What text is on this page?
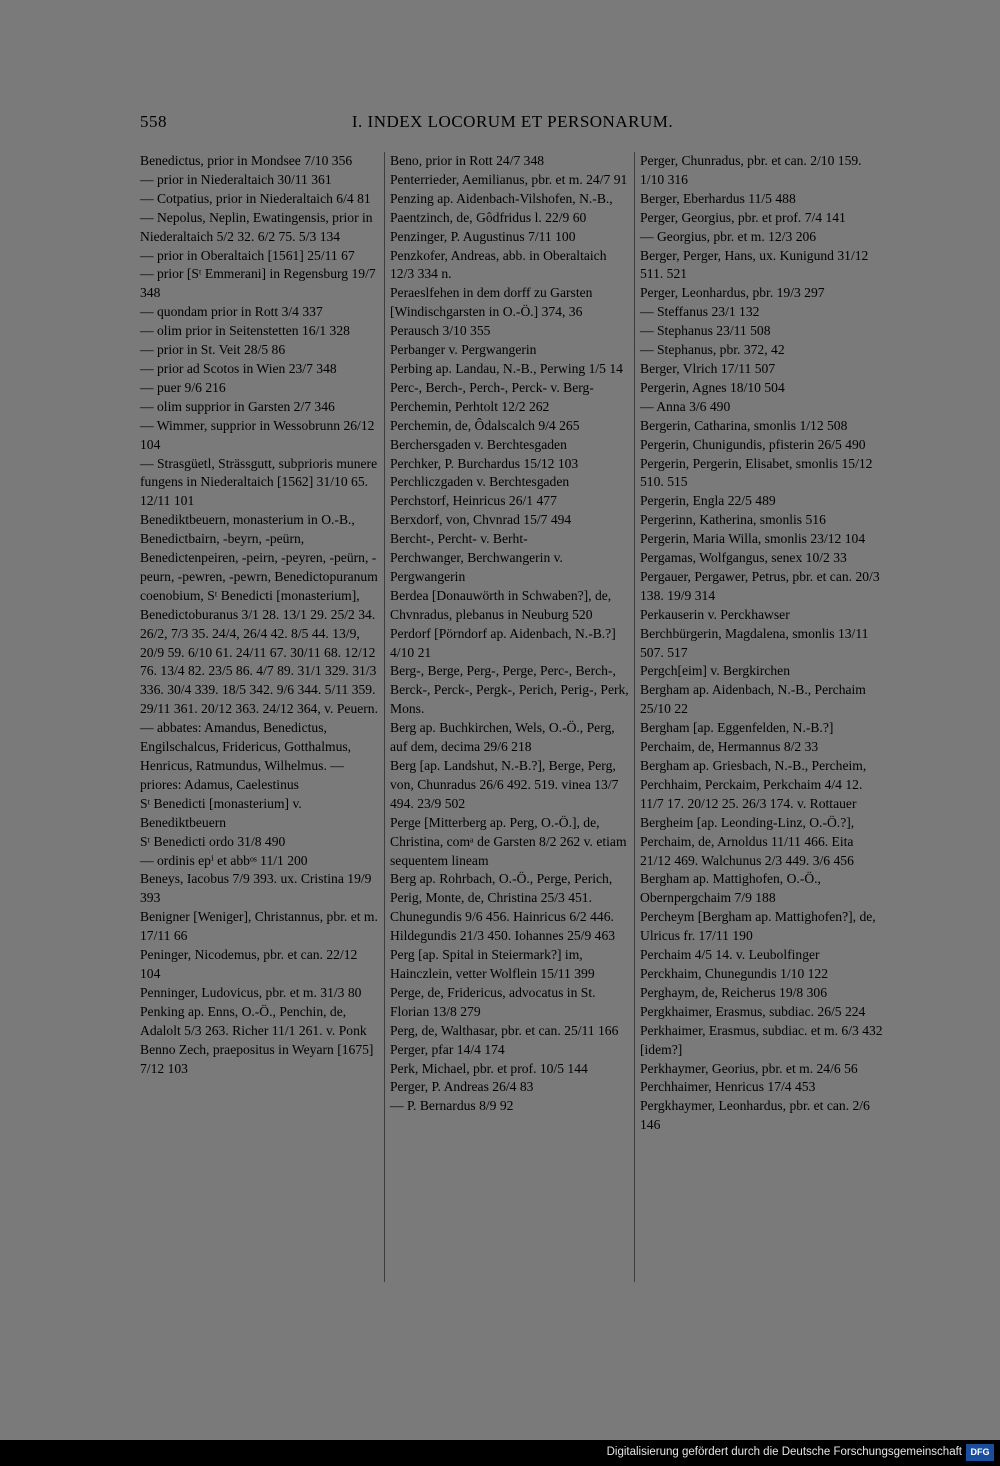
558	I. INDEX LOCORUM ET PERSONARUM.

Benedictus, prior in Mondsee 7/10 356

— prior in Niederaltaich 30/11 361

— Cotpatius, prior in Niederaltaich 6/4 81

— Nepolus, Neplin, Ewatingensis, prior in Niederaltaich 5/2 32. 6/2 75. 5/3 134

— prior in Oberaltaich [1561] 25/11 67

— prior [Sᵗ Emmerani] in Regensburg 19/7 348

— quondam prior in Rott 3/4 337

— olim prior in Seitenstetten 16/1 328

— prior in St. Veit 28/5 86

— prior ad Scotos in Wien 23/7 348

— puer 9/6 216

— olim supprior in Garsten 2/7 346

— Wimmer, supprior in Wessobrunn 26/12 104

— Strasgüetl, Strässgutt, subprioris munere fungens in Niederaltaich [1562] 31/10 65. 12/11 101

Benediktbeuern, monasterium in O.-B., Benedictbairn, -beyrn, -peürn, Benedictenpeiren, -peirn, -peyren, -peürn, -peurn, -pewren, -pewrn, Benedictopuranum coenobium, Sᵗ Benedicti [monasterium], Benedictoburanus 3/1 28. 13/1 29. 25/2 34. 26/2, 7/3 35. 24/4, 26/4 42. 8/5 44. 13/9, 20/9 59. 6/10 61. 24/11 67. 30/11 68. 12/12 76. 13/4 82. 23/5 86. 4/7 89. 31/1 329. 31/3 336. 30/4 339. 18/5 342. 9/6 344. 5/11 359. 29/11 361. 20/12 363. 24/12 364, v. Peuern. — abbates: Amandus, Benedictus, Engilschalcus, Fridericus, Gotthalmus, Henricus, Ratmundus, Wilhelmus. — priores: Adamus, Caelestinus

Sᵗ Benedicti [monasterium] v. Benediktbeuern

Sᵗ Benedicti ordo 31/8 490

— ordinis epⁱ et abbᵒˢ 11/1 200

Beneys, Iacobus 7/9 393. ux. Cristina 19/9 393

Benigner [Weniger], Christannus, pbr. et m. 17/11 66

Peninger, Nicodemus, pbr. et can. 22/12 104

Penninger, Ludovicus, pbr. et m. 31/3 80

Penking ap. Enns, O.-Ö., Penchin, de, Adalolt 5/3 263. Richer 11/1 261. v. Ponk

Benno Zech, praepositus in Weyarn [1675] 7/12 103

Beno, prior in Rott 24/7 348

Penterrieder, Aemilianus, pbr. et m. 24/7 91

Penzing ap. Aidenbach-Vilshofen, N.-B., Paentzinch, de, Gôdfridus l. 22/9 60

Penzinger, P. Augustinus 7/11 100

Penzkofer, Andreas, abb. in Oberaltaich 12/3 334 n.

Peraeslfehen in dem dorff zu Garsten [Windischgarsten in O.-Ö.] 374, 36

Perausch 3/10 355

Perbanger v. Pergwangerin

Perbing ap. Landau, N.-B., Perwing 1/5 14

Perc-, Berch-, Perch-, Perck- v. Berg-

Perchemin, Perhtolt 12/2 262

Perchemin, de, Ôdalscalch 9/4 265

Berchersgaden v. Berchtesgaden

Perchker, P. Burchardus 15/12 103

Perchliczgaden v. Berchtesgaden

Perchstorf, Heinricus 26/1 477

Berxdorf, von, Chvnrad 15/7 494

Bercht-, Percht- v. Berht-

Perchwanger, Berchwangerin v. Pergwangerin

Berdea [Donauwörth in Schwaben?], de, Chvnradus, plebanus in Neuburg 520

Perdorf [Pörndorf ap. Aidenbach, N.-B.?] 4/10 21

Berg-, Berge, Perg-, Perge, Perc-, Berch-, Berck-, Perck-, Pergk-, Perich, Perig-, Perk, Mons.

Berg ap. Buchkirchen, Wels, O.-Ö., Perg, auf dem, decima 29/6 218

Berg [ap. Landshut, N.-B.?], Berge, Perg, von, Chunradus 26/6 492. 519. vinea 13/7 494. 23/9 502

Perge [Mitterberg ap. Perg, O.-Ö.], de, Christina, comᵃ de Garsten 8/2 262 v. etiam sequentem lineam

Berg ap. Rohrbach, O.-Ö., Perge, Perich, Perig, Monte, de, Christina 25/3 451. Chunegundis 9/6 456. Hainricus 6/2 446. Hildegundis 21/3 450. Iohannes 25/9 463

Perg [ap. Spital in Steiermark?] im, Hainczlein, vetter Wolflein 15/11 399

Perge, de, Fridericus, advocatus in St. Florian 13/8 279

Perg, de, Walthasar, pbr. et can. 25/11 166

Perger, pfar 14/4 174

Perk, Michael, pbr. et prof. 10/5 144

Perger, P. Andreas 26/4 83

— P. Bernardus 8/9 92

Perger, Chunradus, pbr. et can. 2/10 159. 1/10 316

Berger, Eberhardus 11/5 488

Perger, Georgius, pbr. et prof. 7/4 141

— Georgius, pbr. et m. 12/3 206

Berger, Perger, Hans, ux. Kunigund 31/12 511. 521

Perger, Leonhardus, pbr. 19/3 297

— Steffanus 23/1 132

— Stephanus 23/11 508

— Stephanus, pbr. 372, 42

Berger, Vlrich 17/11 507

Pergerin, Agnes 18/10 504

— Anna 3/6 490

Bergerin, Catharina, smonlis 1/12 508

Pergerin, Chunigundis, pfisterin 26/5 490

Pergerin, Pergerin, Elisabet, smonlis 15/12 510. 515

Pergerin, Engla 22/5 489

Pergerinn, Katherina, smonlis 516

Pergerin, Maria Willa, smonlis 23/12 104

Pergamas, Wolfgangus, senex 10/2 33

Pergauer, Pergawer, Petrus, pbr. et can. 20/3 138. 19/9 314

Perkauserin v. Perckhawser

Berchbürgerin, Magdalena, smonlis 13/11 507. 517

Pergch[eim] v. Bergkirchen

Bergham ap. Aidenbach, N.-B., Perchaim 25/10 22

Bergham [ap. Eggenfelden, N.-B.?] Perchaim, de, Hermannus 8/2 33

Bergham ap. Griesbach, N.-B., Percheim, Perchhaim, Perckaim, Perkchaim 4/4 12. 11/7 17. 20/12 25. 26/3 174. v. Rottauer

Bergheim [ap. Leonding-Linz, O.-Ö.?], Perchaim, de, Arnoldus 11/11 466. Eita 21/12 469. Walchunus 2/3 449. 3/6 456

Bergham ap. Mattighofen, O.-Ö., Obernpergchaim 7/9 188

Percheym [Bergham ap. Mattighofen?], de, Ulricus fr. 17/11 190

Perchaim 4/5 14. v. Leubolfinger

Perckhaim, Chunegundis 1/10 122

Perghaym, de, Reicherus 19/8 306

Pergkhaimer, Erasmus, subdiac. 26/5 224

Perkhaimer, Erasmus, subdiac. et m. 6/3 432 [idem?]

Perkhaymer, Georius, pbr. et m. 24/6 56

Perchhaimer, Henricus 17/4 453

Pergkhaymer, Leonhardus, pbr. et can. 2/6 146

Digitalisierung gefördert durch die Deutsche Forschungsgemeinschaft DFG
